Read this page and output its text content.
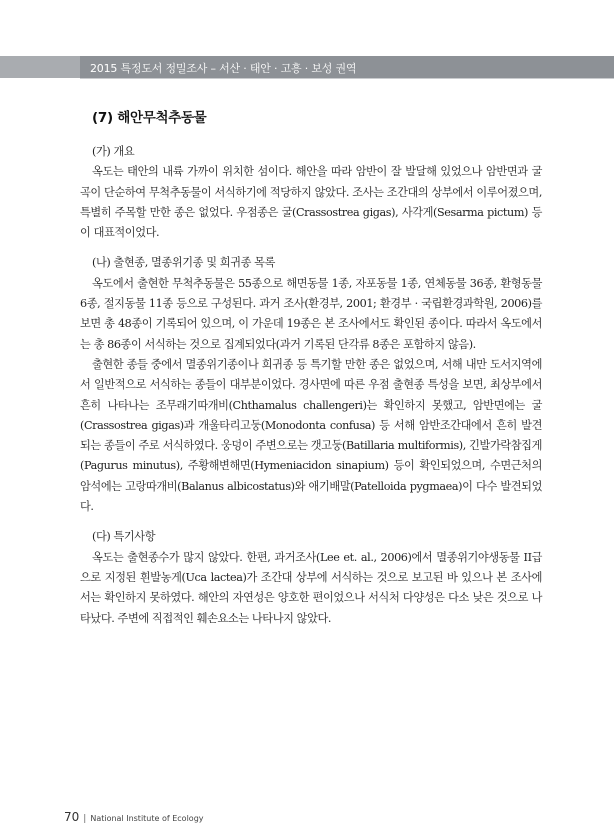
2015 특정도서 정밀조사 – 서산 · 태안 · 고흥 · 보성 권역
(7) 해안무척추동물
(가) 개요

옥도는 태안의 내륙 가까이 위치한 섬이다. 해안을 따라 암반이 잘 발달해 있었으나 암반면과 굴곡이 단순하여 무척추동물이 서식하기에 적당하지 않았다. 조사는 조간대의 상부에서 이루어졌으며, 특별히 주목할 만한 종은 없었다. 우점종은 굴(Crassostrea gigas), 사각게(Sesarma pictum) 등이 대표적이었다.

(나) 출현종, 멸종위기종 및 희귀종 목록

옥도에서 출현한 무척추동물은 55종으로 해면동물 1종, 자포동물 1종, 연체동물 36종, 환형동물 6종, 절지동물 11종 등으로 구성된다. 과거 조사(환경부, 2001; 환경부 · 국립환경과학원, 2006)를 보면 총 48종이 기록되어 있으며, 이 가운데 19종은 본 조사에서도 확인된 종이다. 따라서 옥도에서는 총 86종이 서식하는 것으로 집계되었다(과거 기록된 단각류 8종은 포함하지 않음).

출현한 종들 중에서 멸종위기종이나 희귀종 등 특기할 만한 종은 없었으며, 서해 내만 도서지역에서 일반적으로 서식하는 종들이 대부분이었다. 경사면에 따른 우점 출현종 특성을 보면, 최상부에서 흔히 나타나는 조무래기따개비(Chthamalus challengeri)는 확인하지 못했고, 암반면에는 굴(Crassostrea gigas)과 개울타리고둥(Monodonta confusa) 등 서해 암반조간대에서 흔히 발견되는 종들이 주로 서식하였다. 웅덩이 주변으로는 갯고둥(Batillaria multiformis), 긴발가락참집게(Pagurus minutus), 주황해변해면(Hymeniacidon sinapium) 등이 확인되었으며, 수면근처의 암석에는 고랑따개비(Balanus albicostatus)와 애기배말(Patelloida pygmaea)이 다수 발견되었다.

(다) 특기사항

옥도는 출현종수가 많지 않았다. 한편, 과거조사(Lee et. al., 2006)에서 멸종위기야생동물 II급으로 지정된 흰발농게(Uca lactea)가 조간대 상부에 서식하는 것으로 보고된 바 있으나 본 조사에서는 확인하지 못하였다. 해안의 자연성은 양호한 편이었으나 서식처 다양성은 다소 낮은 것으로 나타났다. 주변에 직접적인 훼손요소는 나타나지 않았다.

70 | National Institute of Ecology
